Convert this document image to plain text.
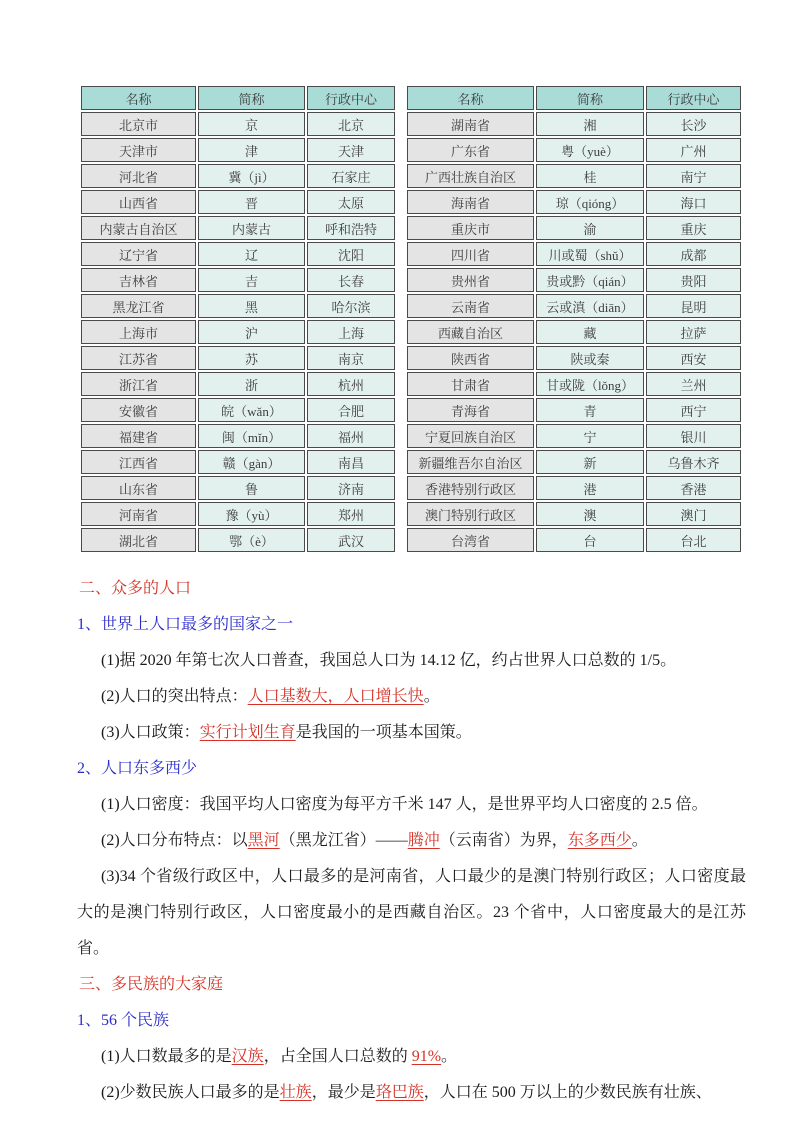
名称	简称	行政中心
北京市	京	北京
天津市	津	天津
河北省	冀（jì）	石家庄
山西省	晋	太原
内蒙古自治区	内蒙古	呼和浩特
辽宁省	辽	沈阳
吉林省	吉	长春
黑龙江省	黑	哈尔滨
上海市	沪	上海
江苏省	苏	南京
浙江省	浙	杭州
安徽省	皖（wǎn）	合肥
福建省	闽（mǐn）	福州
江西省	赣（gàn）	南昌
山东省	鲁	济南
河南省	豫（yù）	郑州
湖北省	鄂（è）	武汉
名称	简称	行政中心
湖南省	湘	长沙
广东省	粤（yuè）	广州
广西壮族自治区	桂	南宁
海南省	琼（qióng）	海口
重庆市	渝	重庆
四川省	川或蜀（shǔ）	成都
贵州省	贵或黔（qián）	贵阳
云南省	云或滇（diān）	昆明
西藏自治区	藏	拉萨
陕西省	陕或秦	西安
甘肃省	甘或陇（lǒng）	兰州
青海省	青	西宁
宁夏回族自治区	宁	银川
新疆维吾尔自治区	新	乌鲁木齐
香港特别行政区	港	香港
澳门特别行政区	澳	澳门
台湾省	台	台北

二、众多的人口

1、世界上人口最多的国家之一

(1)据 2020 年第七次人口普查，我国总人口为 14.12 亿，约占世界人口总数的 1/5。

(2)人口的突出特点：人口基数大，人口增长快。

(3)人口政策：实行计划生育是我国的一项基本国策。

2、人口东多西少

(1)人口密度：我国平均人口密度为每平方千米 147 人，是世界平均人口密度的 2.5 倍。

(2)人口分布特点：以黑河（黑龙江省）——腾冲（云南省）为界，东多西少。

(3)34 个省级行政区中，人口最多的是河南省，人口最少的是澳门特别行政区；人口密度最大的是澳门特别行政区，人口密度最小的是西藏自治区。23 个省中，人口密度最大的是江苏省。

三、多民族的大家庭

1、56 个民族

(1)人口数最多的是汉族，占全国人口总数的 91%。

(2)少数民族人口最多的是壮族，最少是珞巴族，人口在 500 万以上的少数民族有壮族、
